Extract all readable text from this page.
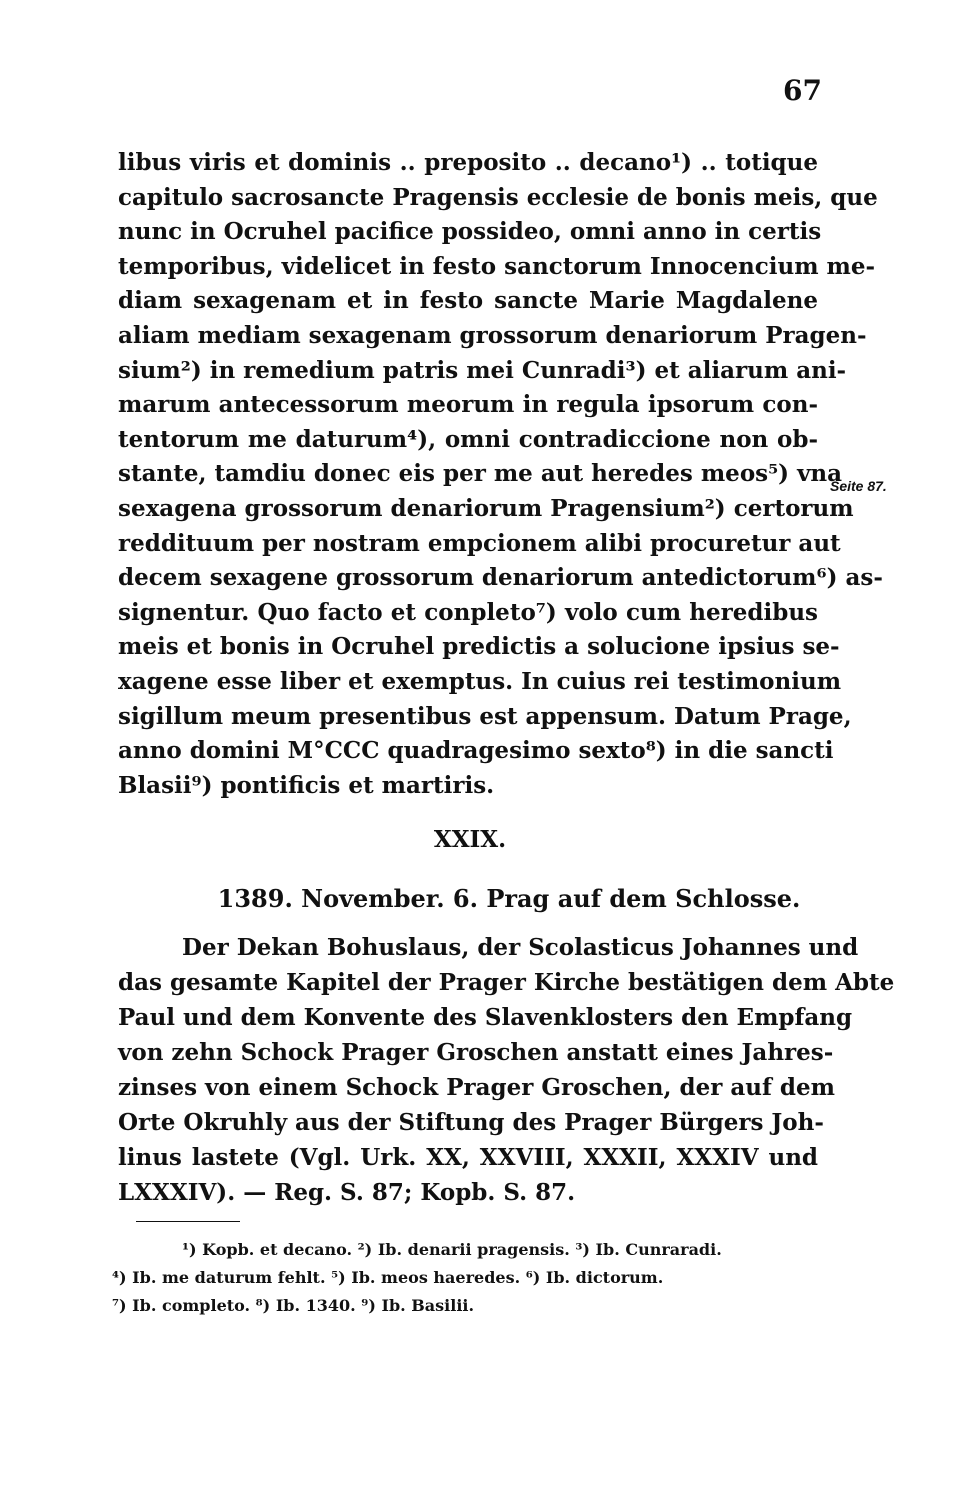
67
libus viris et dominis .. preposito .. decano¹) .. totique
capitulo sacrosancte Pragensis ecclesie de bonis meis, que
nunc in Ocruhel pacifice possideo, omni anno in certis
temporibus, videlicet in festo sanctorum Innocencium me-
diam sexagenam et in festo sancte Marie Magdalene
aliam mediam sexagenam grossorum denariorum Pragen-
sium²) in remedium patris mei Cunradi³) et aliarum ani-
marum antecessorum meorum in regula ipsorum con-
tentorum me daturum⁴), omni contradiccione non ob-
stante, tamdiu donec eis per me aut heredes meos⁵) vna
sexagena grossorum denariorum Pragensium²) certorum
reddituum per nostram empcionem alibi procuretur aut
decem sexagene grossorum denariorum antedictorum⁶) as-
signentur. Quo facto et conpleto⁷) volo cum heredibus
meis et bonis in Ocruhel predictis a solucione ipsius se-
xagene esse liber et exemptus. In cuius rei testimonium
sigillum meum presentibus est appensum. Datum Prage,
anno domini M°CCC quadragesimo sexto⁸) in die sancti
Blasii⁹) pontificis et martiris.
Seite 87.
XXIX.
1389. November. 6. Prag auf dem Schlosse.
Der Dekan Bohuslaus, der Scolasticus Johannes und
das gesamte Kapitel der Prager Kirche bestätigen dem Abte
Paul und dem Konvente des Slavenklosters den Empfang
von zehn Schock Prager Groschen anstatt eines Jahres-
zinses von einem Schock Prager Groschen, der auf dem
Orte Okruhly aus der Stiftung des Prager Bürgers Joh-
linus lastete (Vgl. Urk. XX, XXVIII, XXXII, XXXIV und
LXXXIV). — Reg. S. 87; Kopb. S. 87.
¹) Kopb. et decano. ²) Ib. denarii pragensis. ³) Ib. Cunraradi.
⁴) Ib. me daturum fehlt. ⁵) Ib. meos haeredes. ⁶) Ib. dictorum.
⁷) Ib. completo. ⁸) Ib. 1340. ⁹) Ib. Basilii.
